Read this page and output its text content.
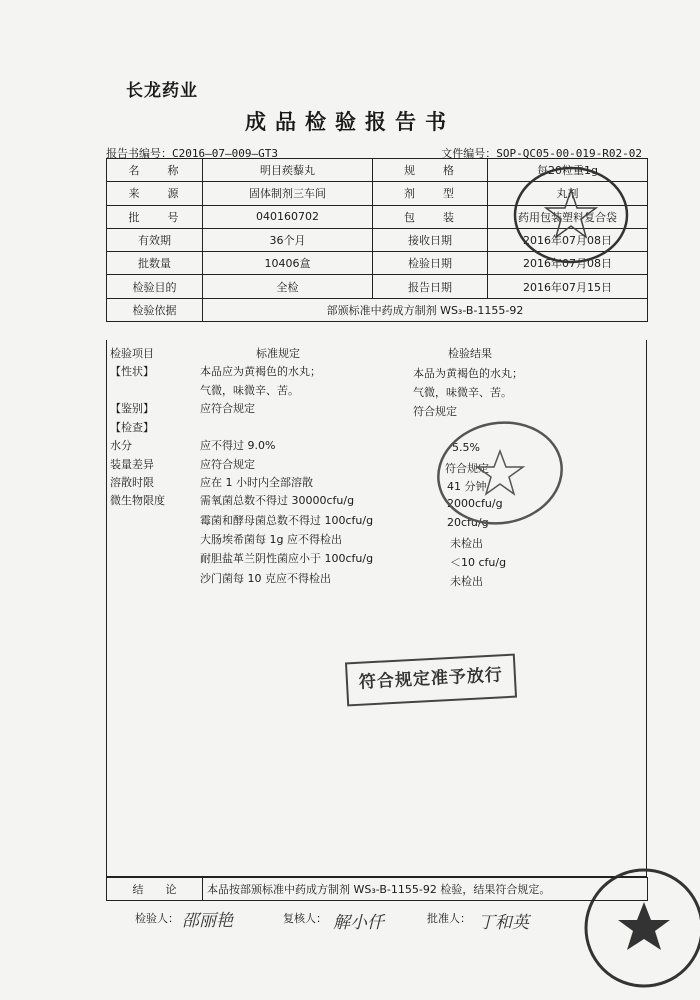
长龙药业
成品检验报告书
报告书编号：C2016—07—009—GT3	文件编号：SOP-QC05-00-019-R02-02
名　　称	明目蒺藜丸	规　　格	每20粒重1g
来　　源	固体制剂三车间	剂　　型	丸剂
批　　号	040160702	包　　装	药用包装塑料复合袋
有效期	36个月	接收日期	2016年07月08日
批数量	10406盒	检验日期	2016年07月08日
检验目的	全检	报告日期	2016年07月15日
检验依据	部颁标准中药成方制剂 WS₃-B-1155-92		
检验项目	标准规定	检验结果
【性状】	本品应为黄褐色的水丸；	本品为黄褐色的水丸；
气微，味微辛、苦。	气微，味微辛、苦。
【鉴别】	应符合规定	符合规定
【检查】
水分	应不得过 9.0%	5.5%
装量差异	应符合规定	符合规定
溶散时限	应在 1 小时内全部溶散	41 分钟
微生物限度	需氧菌总数不得过 30000cfu/g	2000cfu/g
霉菌和酵母菌总数不得过 100cfu/g	20cfu/g
大肠埃希菌每 1g 应不得检出	未检出
耐胆盐革兰阴性菌应小于 100cfu/g	＜10 cfu/g
沙门菌每 10 克应不得检出	未检出
符合规定准予放行
结　　论	本品按部颁标准中药成方制剂 WS₃-B-1155-92 检验，结果符合规定。
检验人： 邵丽艳	复核人： 解小仟	批准人： 丁和英
